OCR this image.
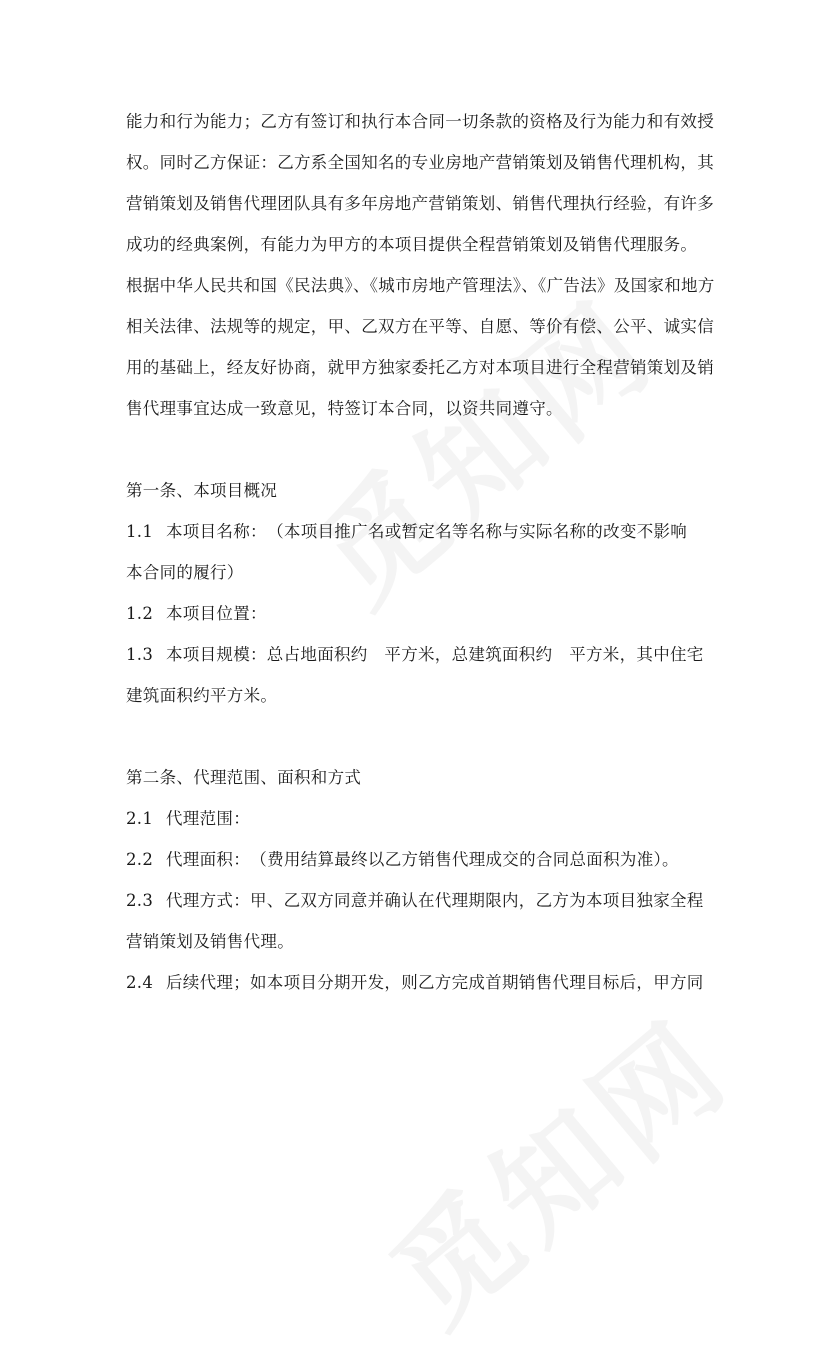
能力和行为能力；乙方有签订和执行本合同一切条款的资格及行为能力和有效授
权。同时乙方保证：乙方系全国知名的专业房地产营销策划及销售代理机构，其
营销策划及销售代理团队具有多年房地产营销策划、销售代理执行经验，有许多
成功的经典案例，有能力为甲方的本项目提供全程营销策划及销售代理服务。
根据中华人民共和国《民法典》、《城市房地产管理法》、《广告法》及国家和地方
相关法律、法规等的规定，甲、乙双方在平等、自愿、等价有偿、公平、诚实信
用的基础上，经友好协商，就甲方独家委托乙方对本项目进行全程营销策划及销
售代理事宜达成一致意见，特签订本合同，以资共同遵守。
第一条、本项目概况
1.1 本项目名称：　（本项目推广名或暂定名等名称与实际名称的改变不影响
本合同的履行）
1.2 本项目位置：
1.3 本项目规模：总占地面积约　平方米，总建筑面积约　平方米，其中住宅
建筑面积约平方米。
第二条、代理范围、面积和方式
2.1 代理范围：
2.2 代理面积：　（费用结算最终以乙方销售代理成交的合同总面积为准）。
2.3 代理方式：甲、乙双方同意并确认在代理期限内，乙方为本项目独家全程
营销策划及销售代理。
2.4 后续代理；如本项目分期开发，则乙方完成首期销售代理目标后，甲方同
